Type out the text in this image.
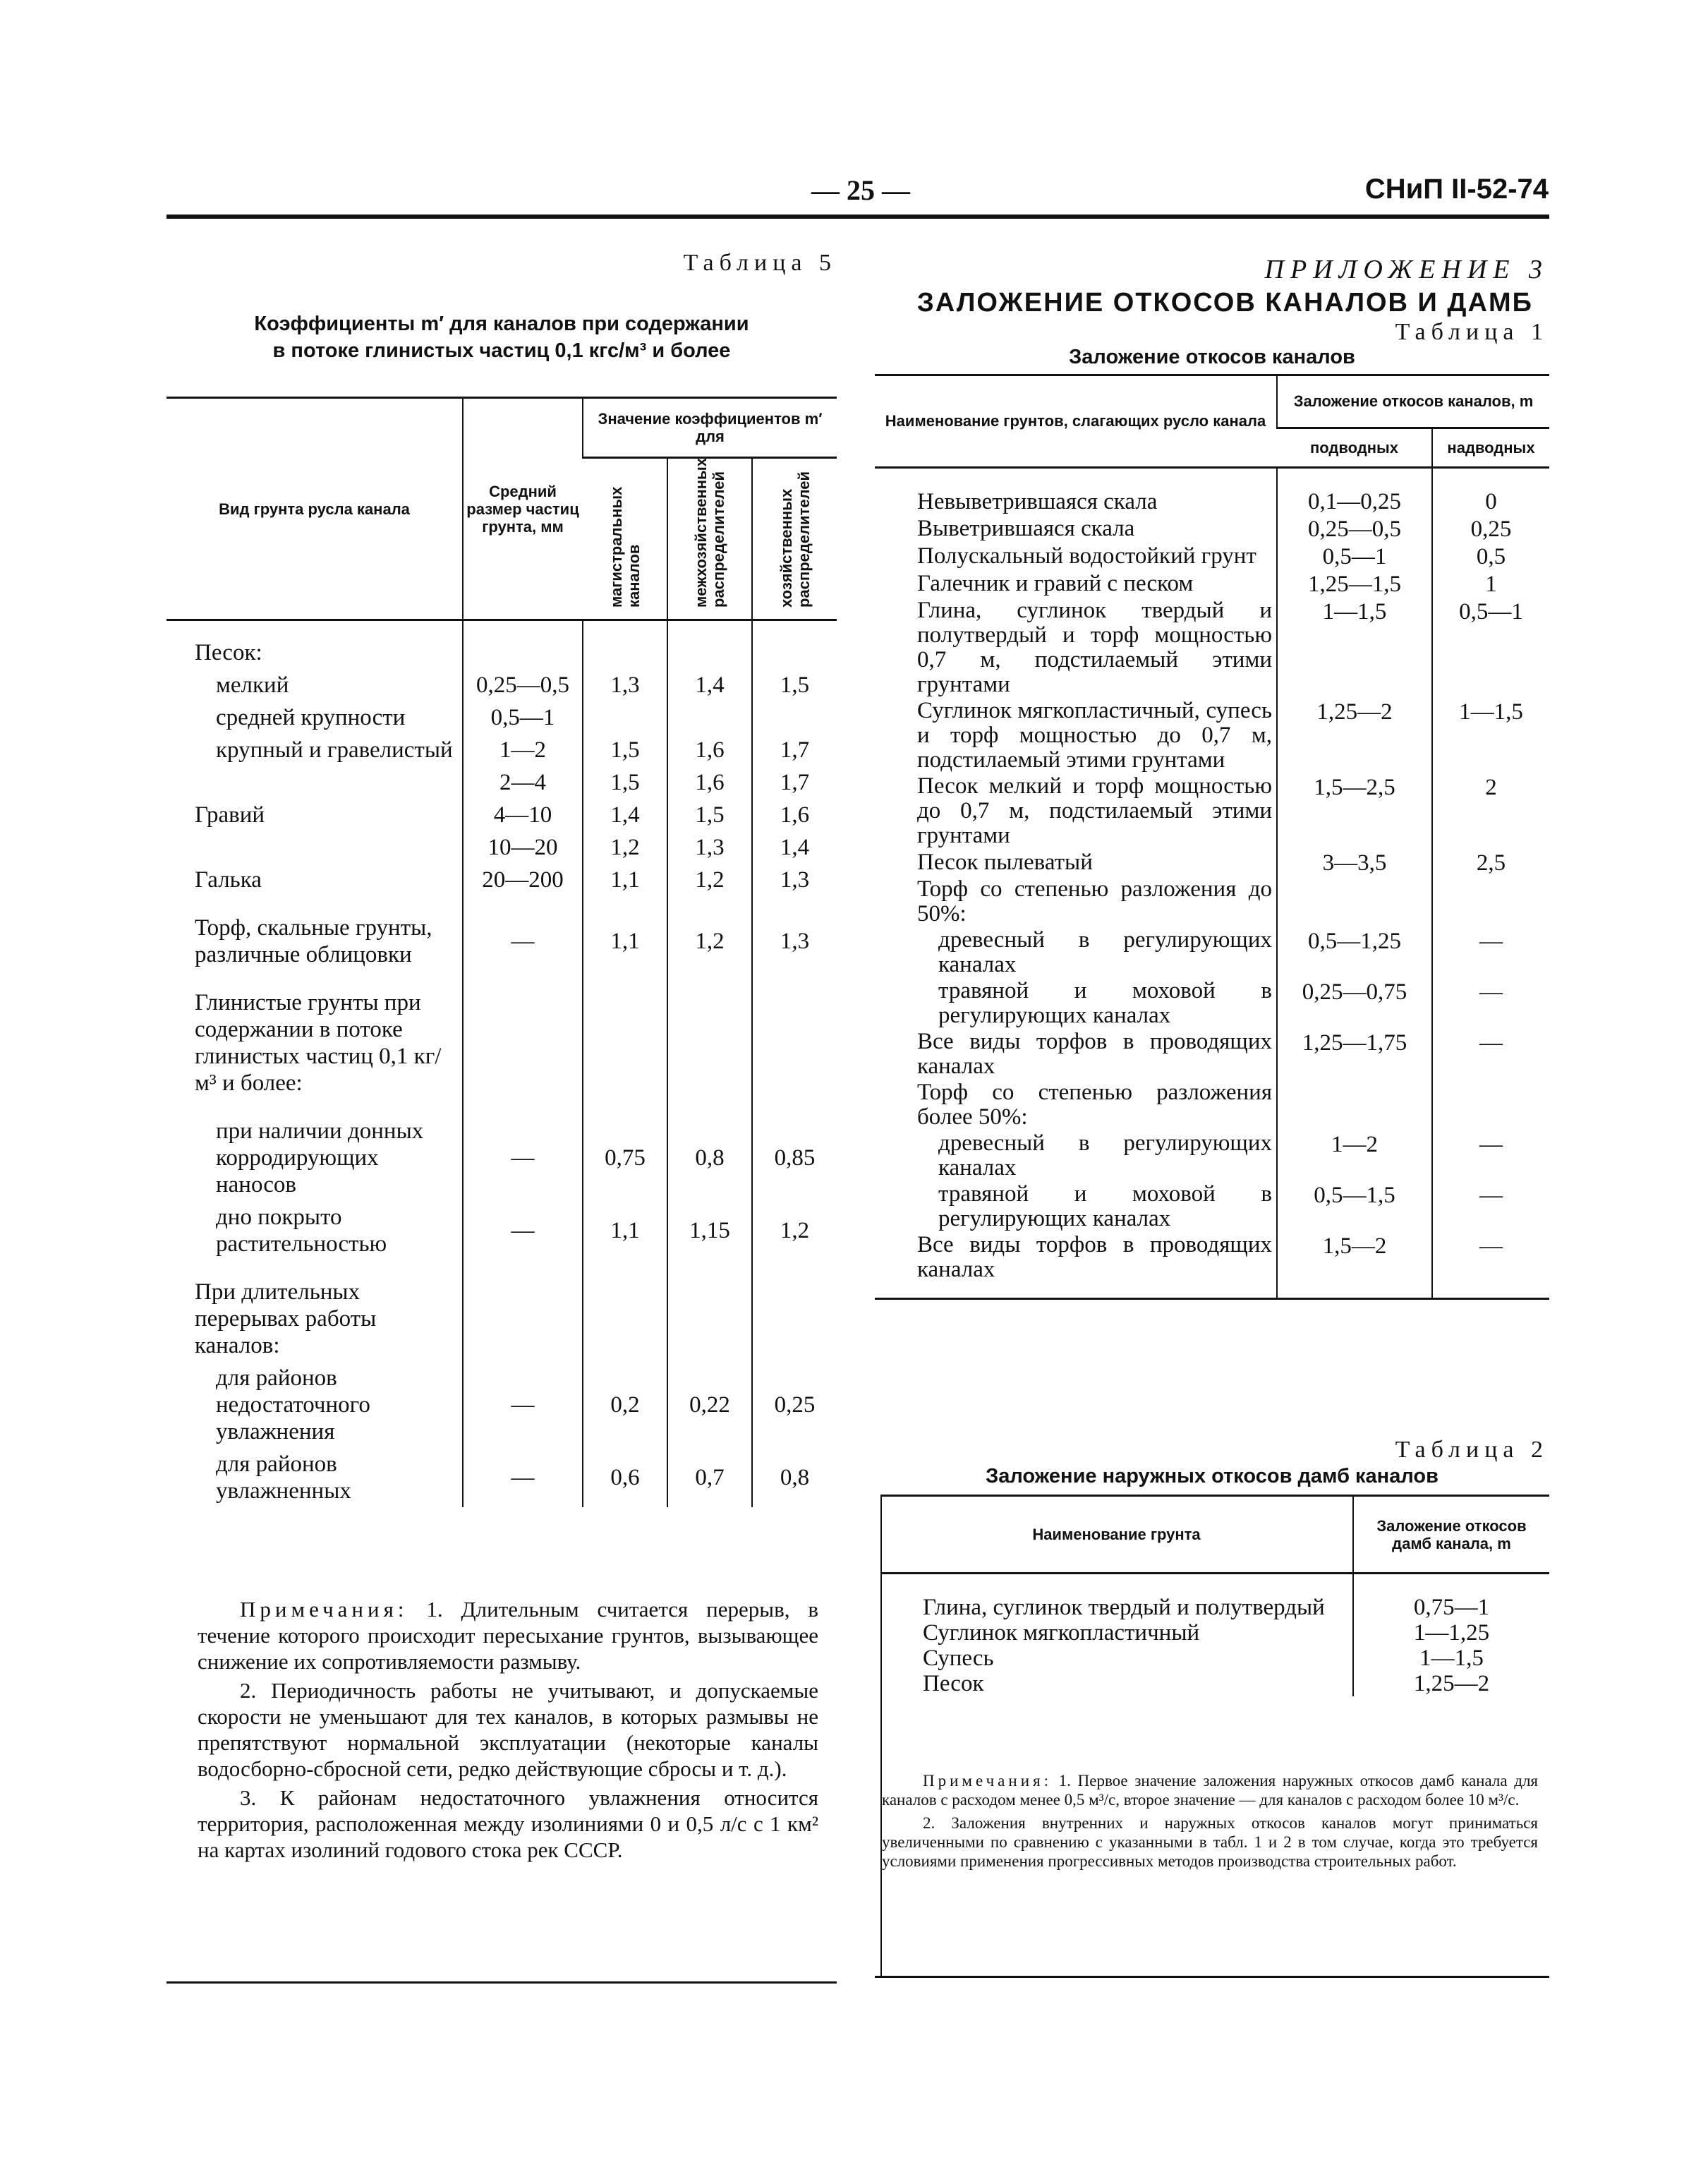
— 25 —	СНиП II-52-74
Таблица 5
Коэффициенты m′ для каналов при содержании
в потоке глинистых частиц 0,1 кгс/м³ и более
Вид грунта русла канала	Средний размер частиц грунта, мм	Значение коэффициентов m′ для		
		магистральных каналов	межхозяйственных распределителей	хозяйственных распределителей
Песок:				
мелкий	0,25—0,5	1,3	1,4	1,5
средней крупности	0,5—1			
крупный и гравелистый	1—2	1,5	1,6	1,7
	2—4	1,5	1,6	1,7
Гравий	4—10	1,4	1,5	1,6
	10—20	1,2	1,3	1,4
Галька	20—200	1,1	1,2	1,3
Торф, скальные грунты, различные облицовки	—	1,1	1,2	1,3
Глинистые грунты при содержании в потоке глинистых частиц 0,1 кг/м³ и более:				
при наличии донных корродирующих наносов	—	0,75	0,8	0,85
дно покрыто растительностью	—	1,1	1,15	1,2
При длительных перерывах работы каналов:				
для районов недостаточного увлажнения	—	0,2	0,22	0,25
для районов увлажненных	—	0,6	0,7	0,8

Примечания: 1. Длительным считается перерыв, в течение которого происходит пересыхание грунтов, вызывающее снижение их сопротивляемости размыву.

2. Периодичность работы не учитывают, и допускаемые скорости не уменьшают для тех каналов, в которых размывы не препятствуют нормальной эксплуатации (некоторые каналы водосборно-сбросной сети, редко действующие сбросы и т. д.).

3. К районам недостаточного увлажнения относится территория, расположенная между изолиниями 0 и 0,5 л/с с 1 км² на картах изолиний годового стока рек СССР.

ПРИЛОЖЕНИЕ 3
ЗАЛОЖЕНИЕ ОТКОСОВ КАНАЛОВ И ДАМБ
Таблица 1
Заложение откосов каналов
Наименование грунтов, слагающих русло канала	Заложение откосов каналов, m	
	подводных	надводных
Невыветрившаяся скала	0,1—0,25	0
Выветрившаяся скала	0,25—0,5	0,25
Полускальный водостойкий грунт	0,5—1	0,5
Галечник и гравий с песком	1,25—1,5	1
Глина, суглинок твердый и полутвердый и торф мощностью 0,7 м, подстилаемый этими грунтами	1—1,5	0,5—1
Суглинок мягкопластичный, супесь и торф мощностью до 0,7 м, подстилаемый этими грунтами	1,25—2	1—1,5
Песок мелкий и торф мощностью до 0,7 м, подстилаемый этими грунтами	1,5—2,5	2
Песок пылеватый	3—3,5	2,5
Торф со степенью разложения до 50%:		
древесный в регулирующих каналах	0,5—1,25	—
травяной и моховой в регулирующих каналах	0,25—0,75	—
Все виды торфов в проводящих каналах	1,25—1,75	—
Торф со степенью разложения более 50%:		
древесный в регулирующих каналах	1—2	—
травяной и моховой в регулирующих каналах	0,5—1,5	—
Все виды торфов в проводящих каналах	1,5—2	—
Таблица 2
Заложение наружных откосов дамб каналов
Наименование грунта	Заложение откосов дамб канала, m
Глина, суглинок твердый и полутвердый	0,75—1
Суглинок мягкопластичный	1—1,25
Супесь	1—1,5
Песок	1,25—2

Примечания: 1. Первое значение заложения наружных откосов дамб канала для каналов с расходом менее 0,5 м³/с, второе значение — для каналов с расходом более 10 м³/с.

2. Заложения внутренних и наружных откосов каналов могут приниматься увеличенными по сравнению с указанными в табл. 1 и 2 в том случае, когда это требуется условиями применения прогрессивных методов производства строительных работ.
